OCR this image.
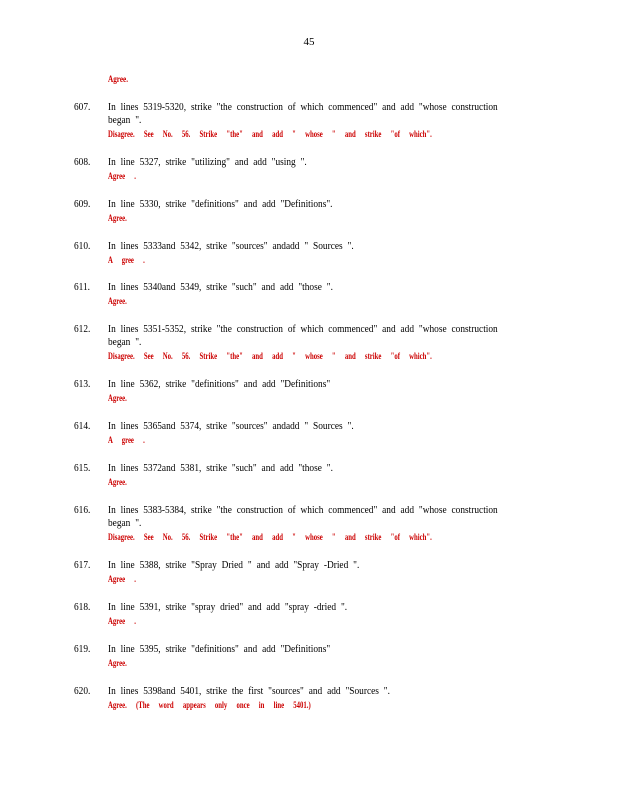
45
Agree.
607. In lines 5319-5320, strike "the construction of which commenced" and add "whose construction began ".
Disagree. See No. 56. Strike "the" and add " whose " and strike "of which".
608. In line 5327, strike "utilizing" and add "using ".
Agree .
609. In line 5330, strike "definitions" and add "Definitions".
Agree.
610. In lines 5333and 5342, strike "sources" andadd " Sources ".
A gree .
611. In lines 5340and 5349, strike "such" and add "those ".
Agree.
612. In lines 5351-5352, strike "the construction of which commenced" and add "whose construction began ".
Disagree. See No. 56. Strike "the" and add " whose " and strike "of which".
613. In line 5362, strike "definitions" and add "Definitions"
Agree.
614. In lines 5365and 5374, strike "sources" andadd " Sources ".
A gree .
615. In lines 5372and 5381, strike "such" and add "those ".
Agree.
616. In lines 5383-5384, strike "the construction of which commenced" and add "whose construction began ".
Disagree. See No. 56. Strike "the" and add " whose " and strike "of which".
617. In line 5388, strike "Spray Dried " and add "Spray -Dried ".
Agree .
618. In line 5391, strike "spray dried" and add "spray -dried ".
Agree .
619. In line 5395, strike "definitions" and add "Definitions"
Agree.
620. In lines 5398and 5401, strike the first "sources" and add "Sources ".
Agree. (The word appears only once in line 5401.)
